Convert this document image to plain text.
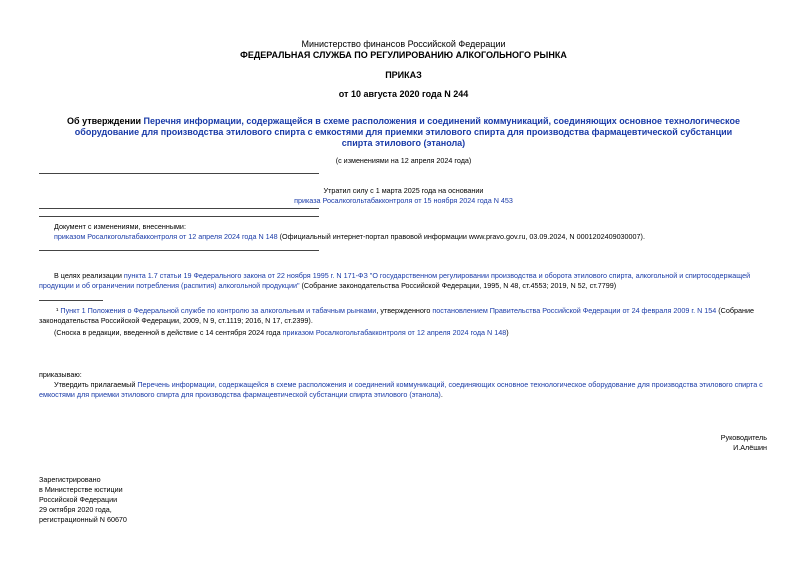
Министерство финансов Российской Федерации
ФЕДЕРАЛЬНАЯ СЛУЖБА ПО РЕГУЛИРОВАНИЮ АЛКОГОЛЬНОГО РЫНКА
ПРИКАЗ
от 10 августа 2020 года N 244
Об утверждении Перечня информации, содержащейся в схеме расположения и соединений коммуникаций, соединяющих основное технологическое оборудование для производства этилового спирта с емкостями для приемки этилового спирта для производства фармацевтической субстанции спирта этилового (этанола)
(с изменениями на 12 апреля 2024 года)
Утратил силу с 1 марта 2025 года на основании
приказа Росалкогольтабакконтроля от 15 ноября 2024 года N 453
Документ с изменениями, внесенными:
приказом Росалкогольтабакконтроля от 12 апреля 2024 года N 148 (Официальный интернет-портал правовой информации www.pravo.gov.ru, 03.09.2024, N 0001202409030007).
В целях реализации пункта 1.7 статьи 19 Федерального закона от 22 ноября 1995 г. N 171-ФЗ "О государственном регулировании производства и оборота этилового спирта, алкогольной и спиртосодержащей продукции и об ограничении потребления (распития) алкогольной продукции" (Собрание законодательства Российской Федерации, 1995, N 48, ст.4553; 2019, N 52, ст.7799)
¹ Пункт 1 Положения о Федеральной службе по контролю за алкогольным и табачным рынками, утвержденного постановлением Правительства Российской Федерации от 24 февраля 2009 г. N 154 (Собрание законодательства Российской Федерации, 2009, N 9, ст.1119; 2016, N 17, ст.2399).
(Сноска в редакции, введенной в действие с 14 сентября 2024 года приказом Росалкогольтабакконтроля от 12 апреля 2024 года N 148)
приказываю:
Утвердить прилагаемый Перечень информации, содержащейся в схеме расположения и соединений коммуникаций, соединяющих основное технологическое оборудование для производства этилового спирта с емкостями для приемки этилового спирта для производства фармацевтической субстанции спирта этилового (этанола).
Руководитель
И.Алёшин
Зарегистрировано
в Министерстве юстиции
Российской Федерации
29 октября 2020 года,
регистрационный N 60670
